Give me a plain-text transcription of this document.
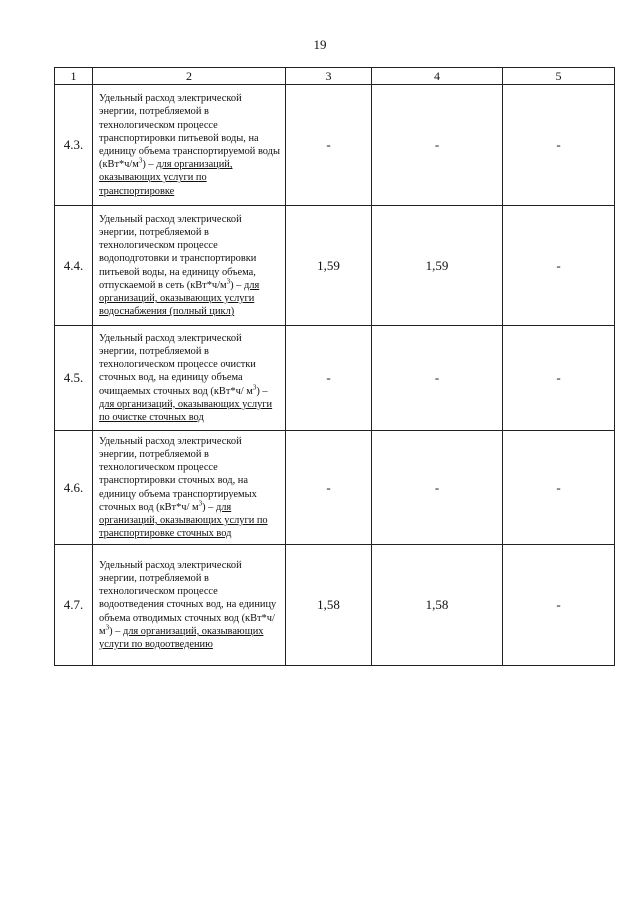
19
1	2	3	4	5
4.3.	Удельный расход электрической энергии, потребляемой в технологическом процессе транспортировки питьевой воды, на единицу объема транспортируемой воды $(кВт*ч/м^3)$ – для организаций, оказывающих услуги по транспортировке	-	-	-
4.4.	Удельный расход электрической энергии, потребляемой в технологическом процессе водоподготовки и транспортировки питьевой воды, на единицу объема, отпускаемой в сеть $(кВт*ч/м^3)$ – для организаций, оказывающих услуги водоснабжения (полный цикл)	1,59	1,59	-
4.5.	Удельный расход электрической энергии, потребляемой в технологическом процессе очистки сточных вод, на единицу объема очищаемых сточных вод (кВт*ч/ $м^3$) – для организаций, оказывающих услуги по очистке сточных вод	-	-	-
4.6.	Удельный расход электрической энергии, потребляемой в технологическом процессе транспортировки сточных вод, на единицу объема транспортируемых сточных вод (кВт*ч/ $м^3$) – для организаций, оказывающих услуги по транспортировке сточных вод	-	-	-
4.7.	Удельный расход электрической энергии, потребляемой в технологическом процессе водоотведения сточных вод, на единицу объема отводимых сточных вод (кВт*ч/ $м^3$) – для организаций, оказывающих услуги по водоотведению	1,58	1,58	-
